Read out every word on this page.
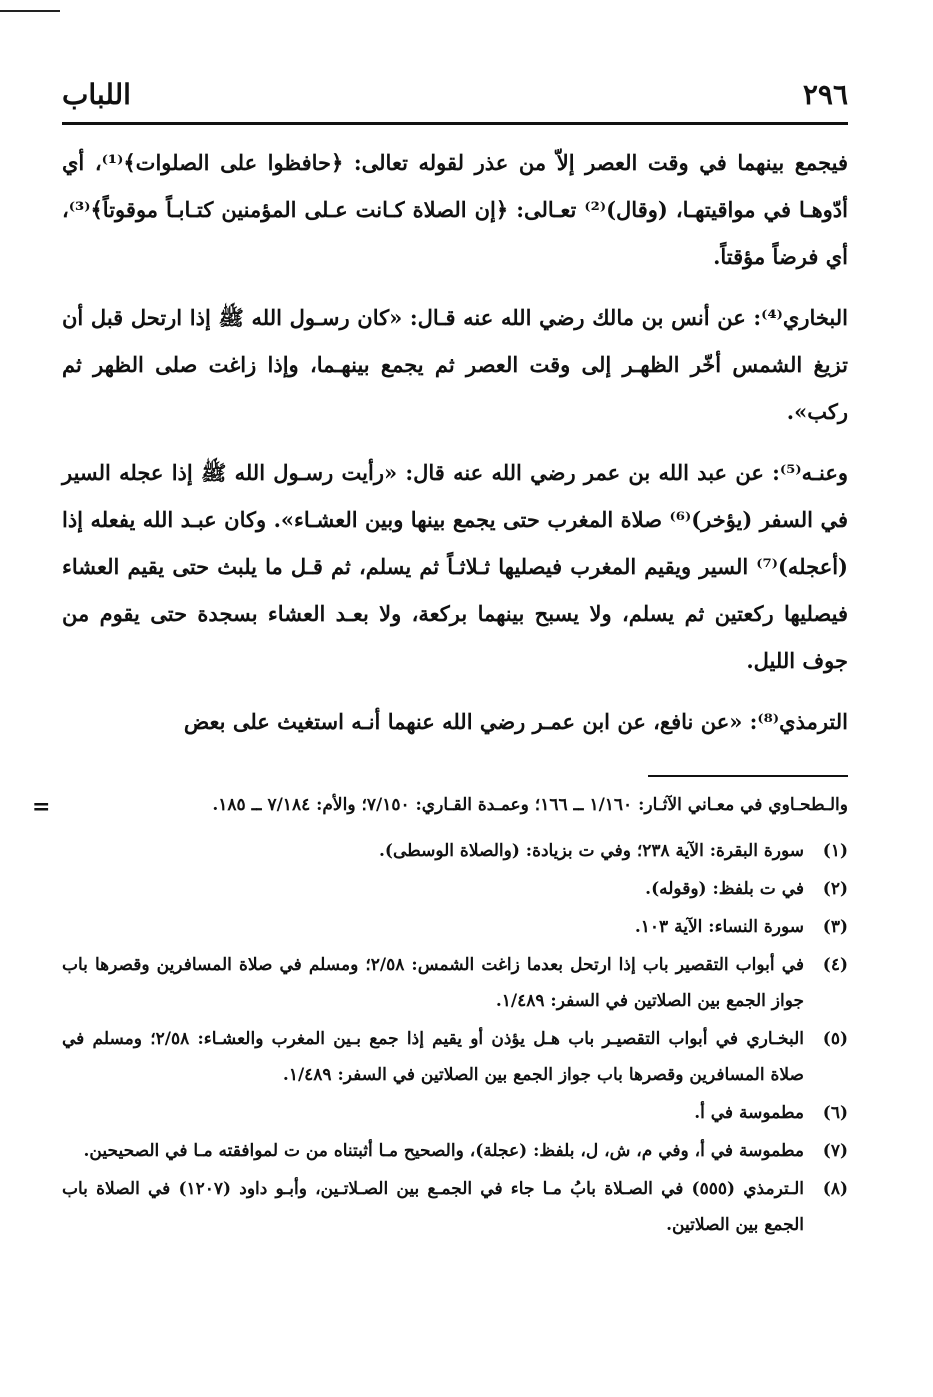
٢٩٦
اللباب

فيجمع بينهما في وقت العصر إلاّ من عذر لقوله تعالى: ﴿حافظوا على الصلوات﴾⁽¹⁾، أي أدّوهـا في مواقيتهـا، (وقال)⁽²⁾ تعـالى: ﴿إن الصلاة كـانت عـلى المؤمنين كتـابـاً موقوتاً﴾⁽³⁾، أي فرضاً مؤقتاً.

البخاري⁽⁴⁾: عن أنس بن مالك رضي الله عنه قـال: «كان رسـول الله ﷺ إذا ارتحل قبل أن تزيغ الشمس أخّر الظهـر إلى وقت العصر ثم يجمع بينهـما، وإذا زاغت صلى الظهر ثم ركب».

وعنـه⁽⁵⁾: عن عبد الله بن عمر رضي الله عنه قال: «رأيت رسـول الله ﷺ إذا عجله السير في السفر (يؤخر)⁽⁶⁾ صلاة المغرب حتى يجمع بينها وبين العشـاء». وكان عبـد الله يفعله إذا (أعجله)⁽⁷⁾ السير ويقيم المغرب فيصليها ثـلاثـاً ثم يسلم، ثم قـل ما يلبث حتى يقيم العشاء فيصليها ركعتين ثم يسلم، ولا يسبح بينهما بركعة، ولا بعـد العشاء بسجدة حتى يقوم من جوف الليل.

الترمذي⁽⁸⁾: «عن نافع، عن ابن عمـر رضي الله عنهما أنـه استغيث على بعض

=	والـطحـاوي في معـاني الآثـار: ١/١٦٠ ــ ١٦٦؛ وعمـدة القـاري: ٧/١٥٠؛ والأم: ٧/١٨٤ ــ ١٨٥.
(١)
سورة البقرة: الآية ٢٣٨؛ وفي ت بزيادة: (والصلاة الوسطى).
(٢)
في ت بلفظ: (وقوله).
(٣)
سورة النساء: الآية ١٠٣.
(٤)
في أبواب التقصير باب إذا ارتحل بعدما زاغت الشمس: ٢/٥٨؛ ومسلم في صلاة المسافرين وقصرها باب جواز الجمع بين الصلاتين في السفر: ١/٤٨٩.
(٥)
البخـاري في أبواب التقصيـر باب هـل يؤذن أو يقيم إذا جمع بـين المغرب والعشـاء: ٢/٥٨؛ ومسلم في صلاة المسافرين وقصرها باب جواز الجمع بين الصلاتين في السفر: ١/٤٨٩.
(٦)
مطموسة في أ.
(٧)
مطموسة في أ، وفي م، ش، ل، بلفظ: (عجلة)، والصحيح مـا أثبتناه من ت لموافقته مـا في الصحيحين.
(٨)
الـترمذي (٥٥٥) في الصـلاة بابُ مـا جاء في الجمـع بين الصـلاتـين، وأبـو داود (١٢٠٧) في الصلاة باب الجمع بين الصلاتين.
